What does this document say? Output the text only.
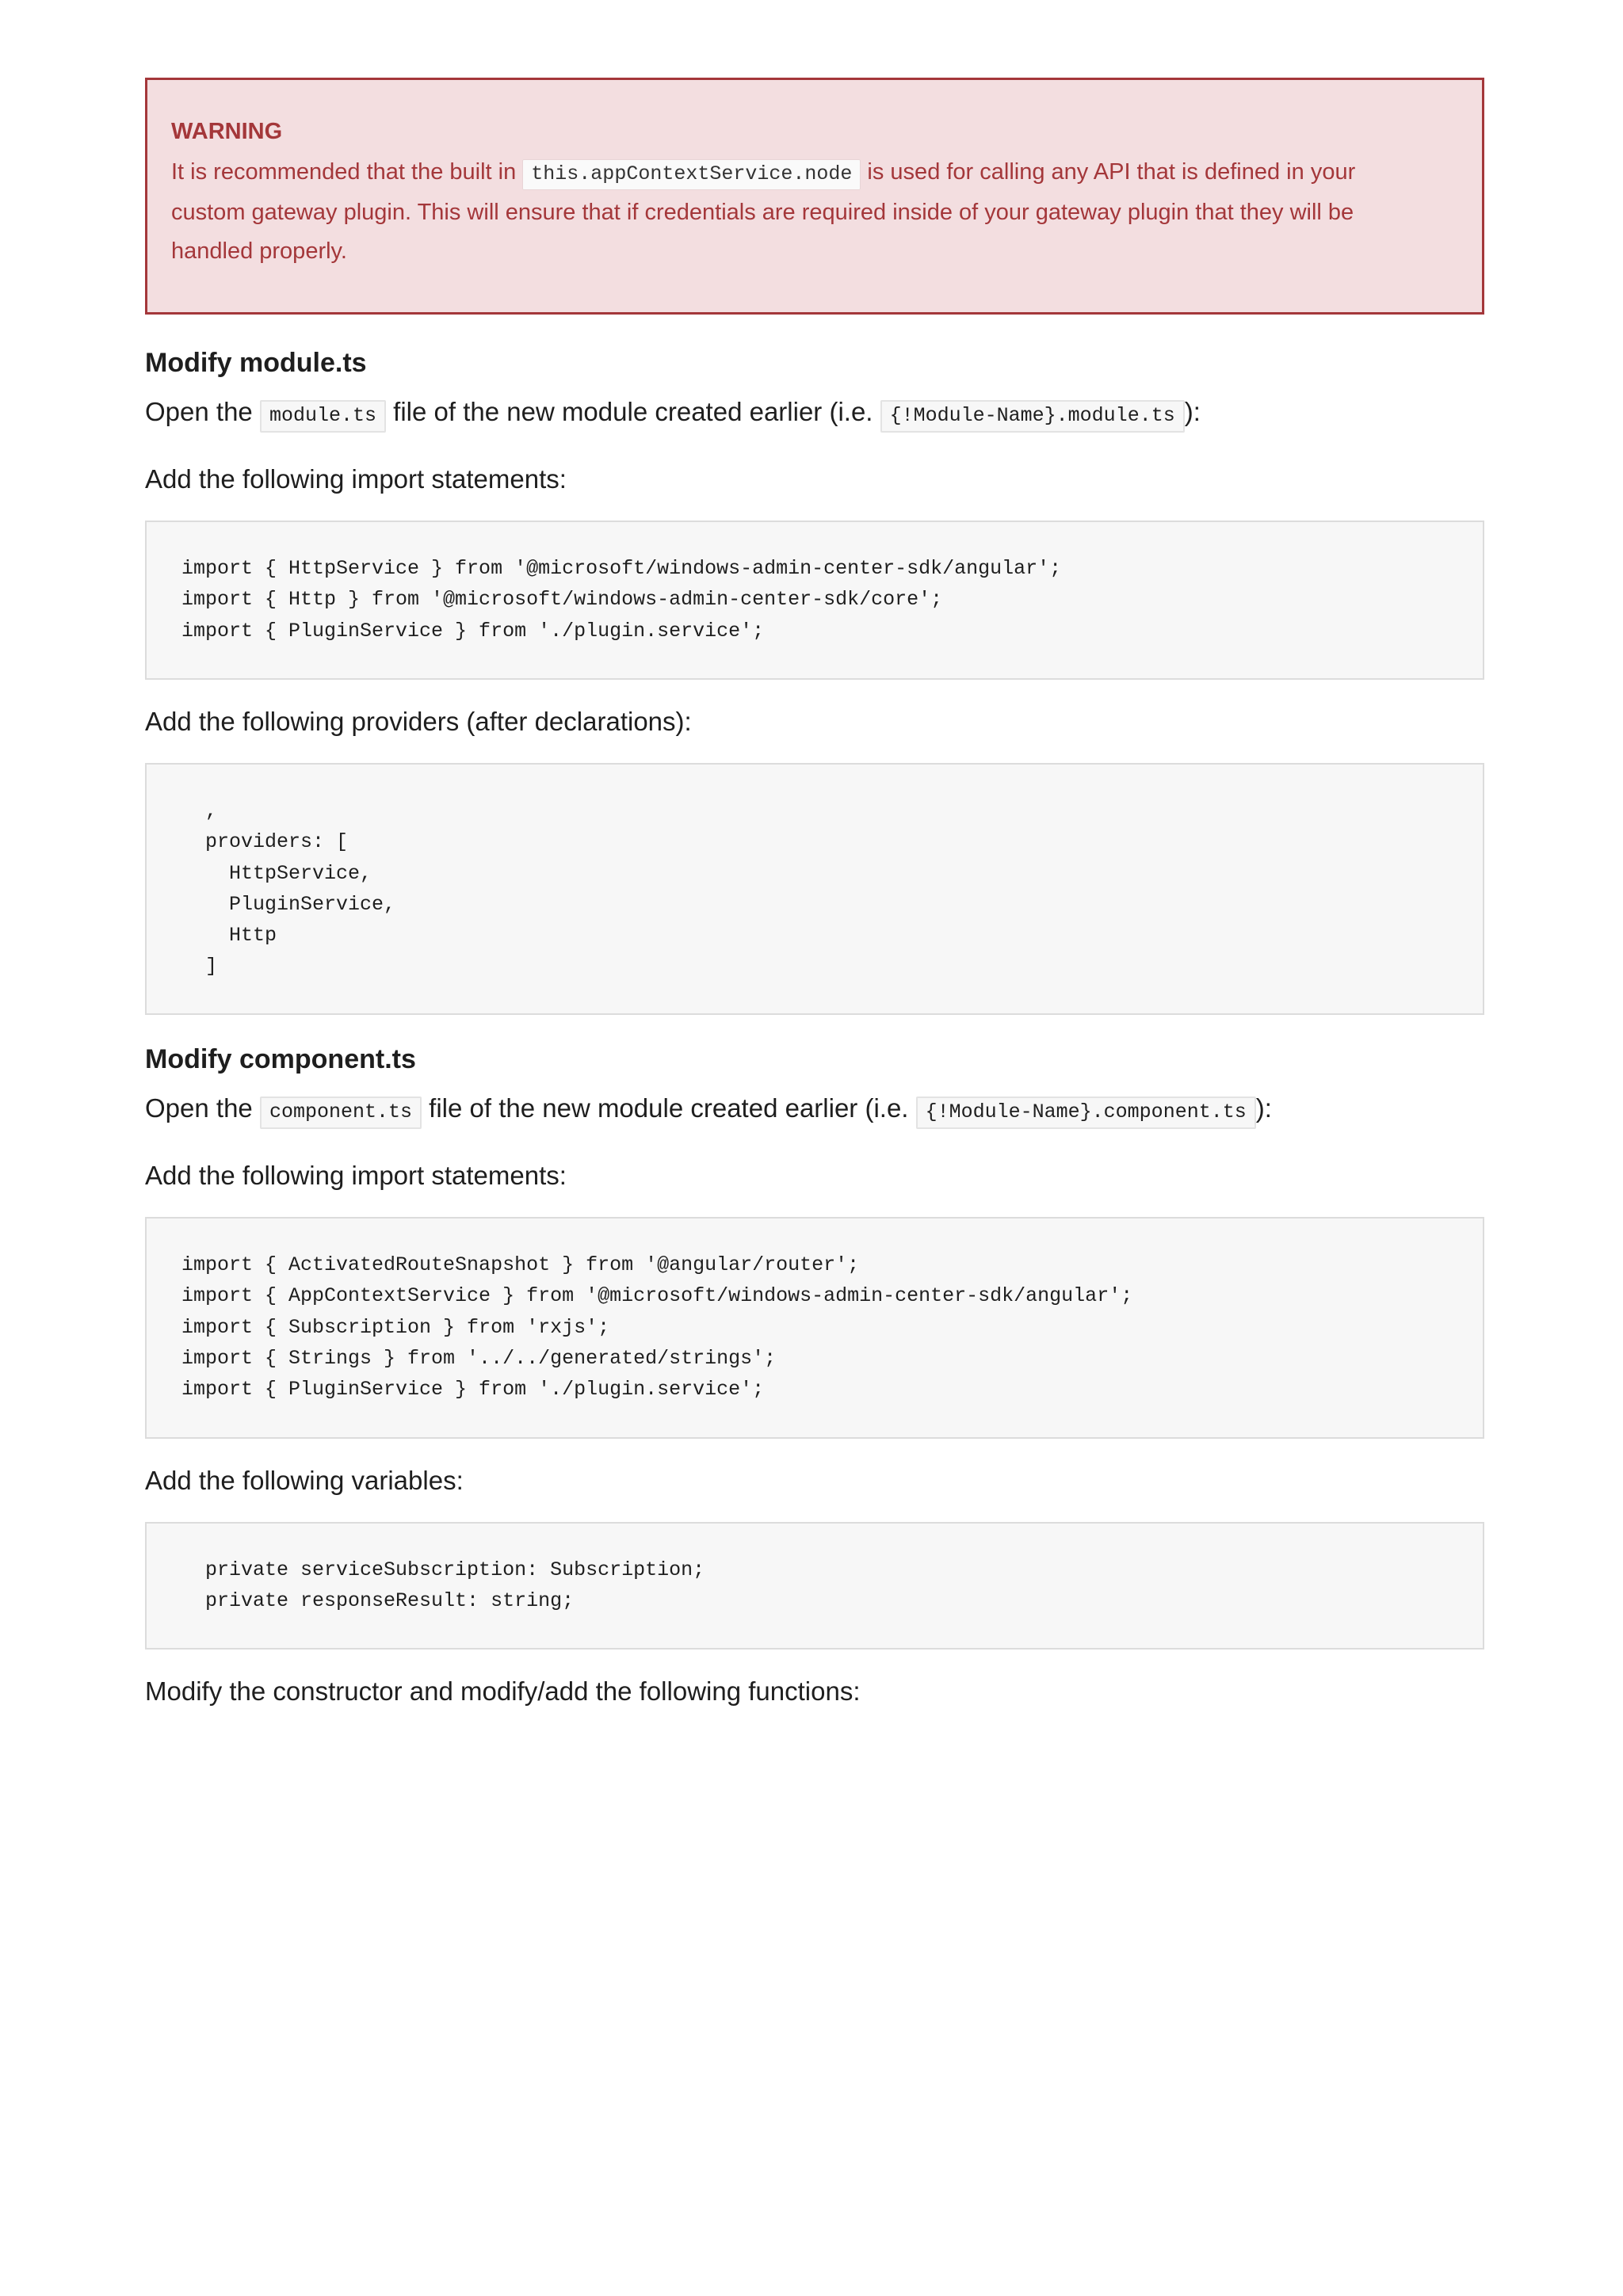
WARNING

It is recommended that the built in this.appContextService.node is used for calling any API that is defined in your
custom gateway plugin. This will ensure that if credentials are required inside of your gateway plugin that they will be
handled properly.

Modify module.ts

Open the module.ts file of the new module created earlier (i.e. {!Module-Name}.module.ts ):

Add the following import statements:

import { HttpService } from '@microsoft/windows-admin-center-sdk/angular';
import { Http } from '@microsoft/windows-admin-center-sdk/core';
import { PluginService } from './plugin.service';

Add the following providers (after declarations):

,
providers: [
HttpService,
PluginService,
Http
]
Modify component.ts

Open the component.ts file of the new module created earlier (i.e. {!Module-Name}.component.ts ):

Add the following import statements:

import { ActivatedRouteSnapshot } from '@angular/router';
import { AppContextService } from '@microsoft/windows-admin-center-sdk/angular';
import { Subscription } from 'rxjs';
import { Strings } from '../../generated/strings';
import { PluginService } from './plugin.service';

Add the following variables:

private serviceSubscription: Subscription;
private responseResult: string;

Modify the constructor and modify/add the following functions:
